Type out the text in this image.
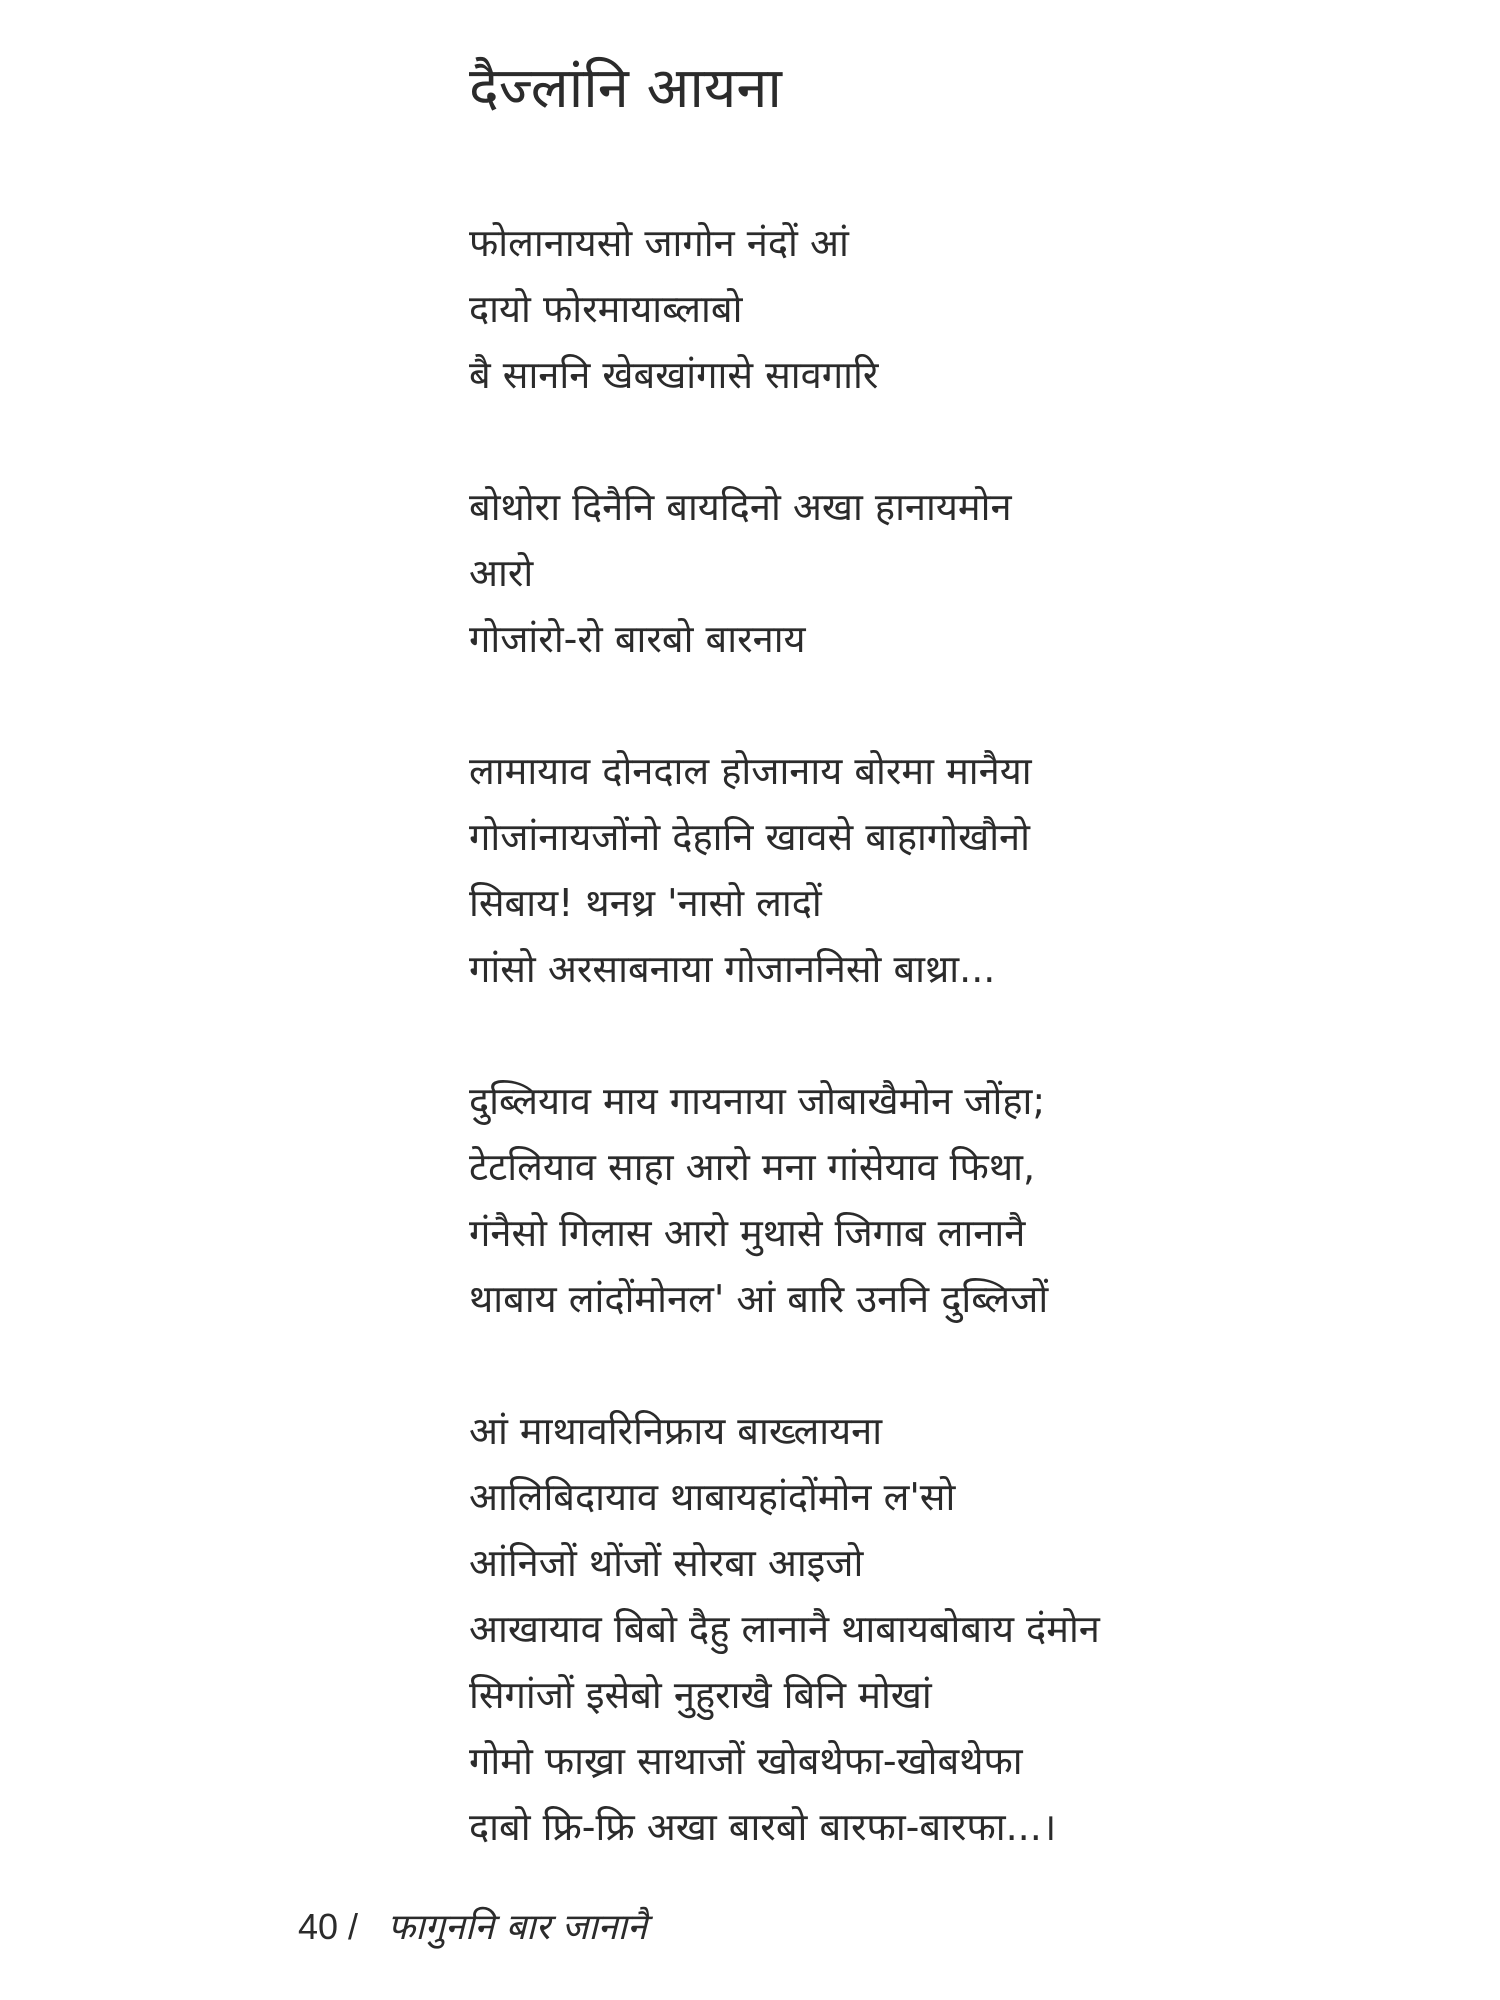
दैज्लांनि आयना
फोलानायसो जागोन नंदों आं
दायो फोरमायाब्लाबो
बै साननि खेबखांगासे सावगारि
बोथोरा दिनैनि बायदिनो अखा हानायमोन
आरो
गोजांरो-रो बारबो बारनाय
लामायाव दोनदाल होजानाय बोरमा मानैया
गोजांनायजोंनो देहानि खावसे बाहागोखौनो
सिबाय! थनथ्र 'नासो लादों
गांसो अरसाबनाया गोजाननिसो बाथ्रा...
दुब्लियाव माय गायनाया जोबाखैमोन जोंहा;
टेटलियाव साहा आरो मना गांसेयाव फिथा,
गंनैसो गिलास आरो मुथासे जिगाब लानानै
थाबाय लांदोंमोनल' आं बारि उननि दुब्लिजों
आं माथावरिनिफ्राय बाख्लायना
आलिबिदायाव थाबायहांदोंमोन ल'सो
आंनिजों थोंजों सोरबा आइजो
आखायाव बिबो दैहु लानानै थाबायबोबाय दंमोन
सिगांजों इसेबो नुहुराखै बिनि मोखां
गोमो फाख्रा साथाजों खोबथेफा-खोबथेफा
दाबो फ्रि-फ्रि अखा बारबो बारफा-बारफा...।
40 / फागुननि बार जानानै
